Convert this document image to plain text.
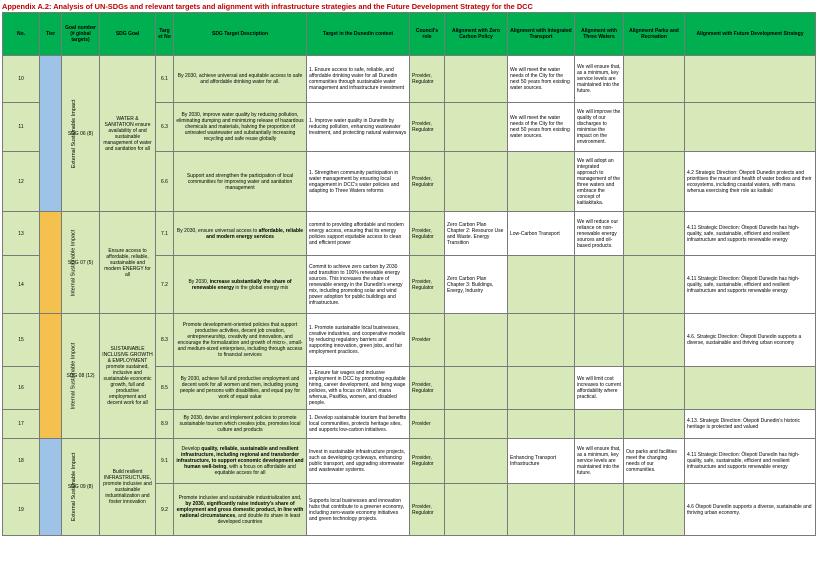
Appendix A.2: Analysis of UN-SDGs and relevant targets and alignment with infrastructure strategies and the Future Development Strategy for the DCC
No.	Tier	Goal number (# global targets)	SDG Goal	Target No	SDG Target Description	Target in the Dunedin context	Council's role	Alignment with Zero Carbon Policy	Alignment with Integrated Transport	Alignment with Three Waters	Alignment Parks and Recreation	Alignment with Future Development Strategy
10	External Sustainable Impact	SDG 06 (8)	WATER & SANITATION ensure availability of and sustainable management of water and sanitation for all	6.1	By 2030, achieve universal and equitable access to safe and affordable drinking water for all.	1. Ensure access to safe, reliable, and affordable drinking water for all Dunedin communities through sustainable water management and infrastructure investment	Provider, Regulator		We will meet the water needs of the City for the next 50 years from existing water sources.	We will ensure that, as a minimum, key service levels are maintained into the future.		
11				6.3	By 2030, improve water quality by reducing pollution, eliminating dumping and minimizing release of hazardous chemicals and materials, halving the proportion of untreated wastewater and substantially increasing recycling and safe reuse globally	1. Improve water quality in Dunedin by reducing pollution, enhancing wastewater treatment, and protecting natural waterways	Provider, Regulator		We will meet the water needs of the City for the next 50 years from existing water sources.	We will improve the quality of our discharges to minimise the impact on the environment.		
12				6.6	Support and strengthen the participation of local communities for improving water and sanitation management	1. Strengthen community participation in water management by ensuring local engagement in DCC's water policies and adapting to Three Waters reforms	Provider, Regulator			We will adopt an integrated approach to management of the three waters and embrace the concept of kaitiakitaka.		4.2 Strategic Direction: Ōtepoti Dunedin protects and prioritises the mauri and health of water bodies and their ecosystems, including coastal waters, with mana whenua exercising their role as kaitiaki
13	Internal Sustainable Impact	SDG 07 (5)	Ensure access to affordable, reliable, sustainable and modern ENERGY for all	7.1	By 2030, ensure universal access to affordable, reliable and modern energy services	commit to providing affordable and modern energy access, ensuring that its energy policies support equitable access to clean and efficient power	Provider, Regulator	Zero Carbon Plan Chapter 2: Resource Use and Waste. Energy Transition	Low-Carbon Transport	We will reduce our reliance on non-renewable energy sources and oil-based products.		4.11 Strategic Direction: Ōtepoti Dunedin has high-quality, safe, sustainable, efficient and resilient infrastructure and supports renewable energy
14				7.2	By 2030, increase substantially the share of renewable energy in the global energy mix	Commit to achieve zero carbon by 2030 and transition to 100% renewable energy sources. This increases the share of renewable energy in the Dunedin's energy mix, including promoting solar and wind power adoption for public buildings and infrastructure.	Provider, Regulator	Zero Carbon Plan Chapter 3: Buildings, Energy, Industry				4.11 Strategic Direction: Ōtepoti Dunedin has high-quality, safe, sustainable, efficient and resilient infrastructure and supports renewable energy
15	Internal Sustainable Impact	SDG 08 (12)	SUSTAINABLE INCLUSIVE GROWTH & EMPLOYMENT promote sustained, inclusive and sustainable economic growth, full and productive employment and decent work for all	8.3	Promote development-oriented policies that support productive activities, decent job creation, entrepreneurship, creativity and innovation, and encourage the formalization and growth of micro-, small- and medium-sized enterprises, including through access to financial services	1. Promote sustainable local businesses, creative industries, and cooperative models by reducing regulatory barriers and supporting innovation, green jobs, and fair employment practices.	Provider					4.6. Strategic Direction: Ōtepoti Dunedin supports a diverse, sustainable and thriving urban economy
16				8.5	By 2030, achieve full and productive employment and decent work for all women and men, including young people and persons with disabilities, and equal pay for work of equal value	1. Ensure fair wages and inclusive employment in DCC by promoting equitable hiring, career development, and living wage policies, with a focus on Māori, mana whenua, Pasifika, women, and disabled people.	Provider, Regulator			We will limit cost increases to current affordability where practical.		
17				8.9	By 2030, devise and implement policies to promote sustainable tourism which creates jobs, promotes local culture and products	1. Develop sustainable tourism that benefits local communities, protects heritage sites, and supports low-carbon initiatives.	Provider					4.13. Strategic Direction: Ōtepoti Dunedin's historic heritage is protected and valued
18	External Sustainable Impact	SDG 09 (8)	Build resilient INFRASTRUCTURE, promote inclusive and sustainable industrialization and foster innovation	9.1	Develop quality, reliable, sustainable and resilient infrastructure, including regional and transborder infrastructure, to support economic development and human well-being, with a focus on affordable and equitable access for all	Invest in sustainable infrastructure projects, such as developing cycleways, enhancing public transport, and upgrading stormwater and wastewater systems.	Provider, Regulator		Enhancing Transport Infrastructure	We will ensure that, as a minimum, key service levels are maintained into the future.	Our parks and facilities meet the changing needs of our communities.	4.11 Strategic Direction: Ōtepoti Dunedin has high-quality, safe, sustainable, efficient and resilient infrastructure and supports renewable energy
19				9.2	Promote inclusive and sustainable industrialization and, by 2030, significantly raise industry's share of employment and gross domestic product, in line with national circumstances, and double its share in least developed countries	Supports local businesses and innovation hubs that contribute to a greener economy, including zero-waste economy initiatives and green technology projects.	Provider, Regulator					4.6 Ōtepoti Dunedin supports a diverse, sustainable and thriving urban economy.
